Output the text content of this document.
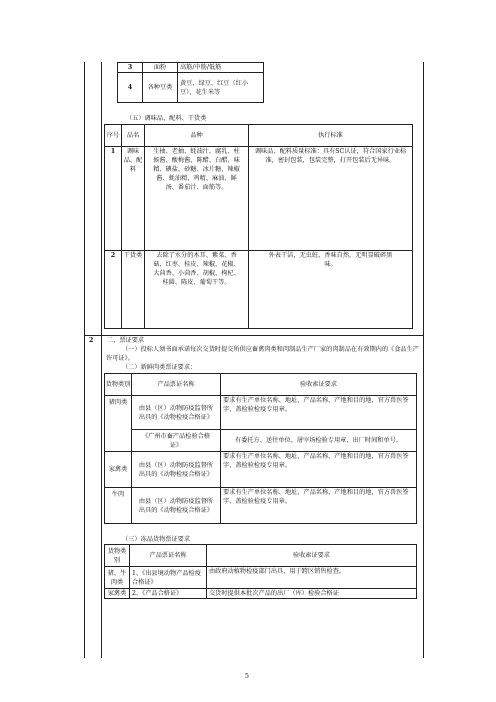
3	面粉	高筋/中筋/低筋
4	各种豆类	黄豆、绿豆、红豆（红小豆）、花生米等
（五）调味品、配料、干货类
序号	品名	品种	执行标准
1	调味品、配料	生抽、老抽、蚝油汁、腐乳、柱候酱、酸梅酱、陈醋、白醋、味精、碘盐、砂糖、冰片糖、辣椒酱、蚝油精、鸡精、麻油、鲜汤、番茄汁、面筋等。	调味品、配料质量标准：具有SC认证，符合国家行业标准，密封包装，包装完整，打开包装后无异味。
2	干货类	去除了水分的木耳、紫菜、香菇、红枣、桂皮、辣椒、花椒、大茴香、小茴香、胡椒、枸杞、桂圆、陈皮、葡萄干等。	外表干洁，无虫蛀，香味自然，无明显破碎黑味。
2 二、票证要求
（一）投标人须书面承诺每次交货时提交所供应畜禽肉类和肉制品生产厂家的肉制品在有效期内的《食品生产许可证》。
（二）新鲜肉类票证要求：
货物类别	产品票证名称	验收索证要求
猪肉类	由县（区）动物防疫监督所出具的《动物检疫合格证》	要求有生产单位名称、地址、产品名称、产地和目的地，官方兽医签字、盖检验检疫专用章。
	《广州市畜产品检验合格证》	有委托方、送往单位、屠宰场检验专用章、出厂时间和单号。
家禽类	由县（区）动物防疫监督所出具的《动物检疫合格证》	要求有生产单位名称、地址、产品名称、产地和目的地，官方兽医签字、盖检验检疫专用章。
牛肉	由县（区）动物防疫监督所出具的《动物检疫合格证》	要求有生产单位名称、地址、产品名称、产地和目的地，官方兽医签字、盖检验检疫专用章。
（三）冻品货物票证要求
货物类别	产品票证名称	验收索证要求
猪、牛肉类	1、《出县境动物产品检疫合格证》	由政府动植物检疫部门出具，用于跨区销售检查。
家禽类	2、《产品合格证》	交货时提供本批次产品的出厂（库）检验合格证
5
